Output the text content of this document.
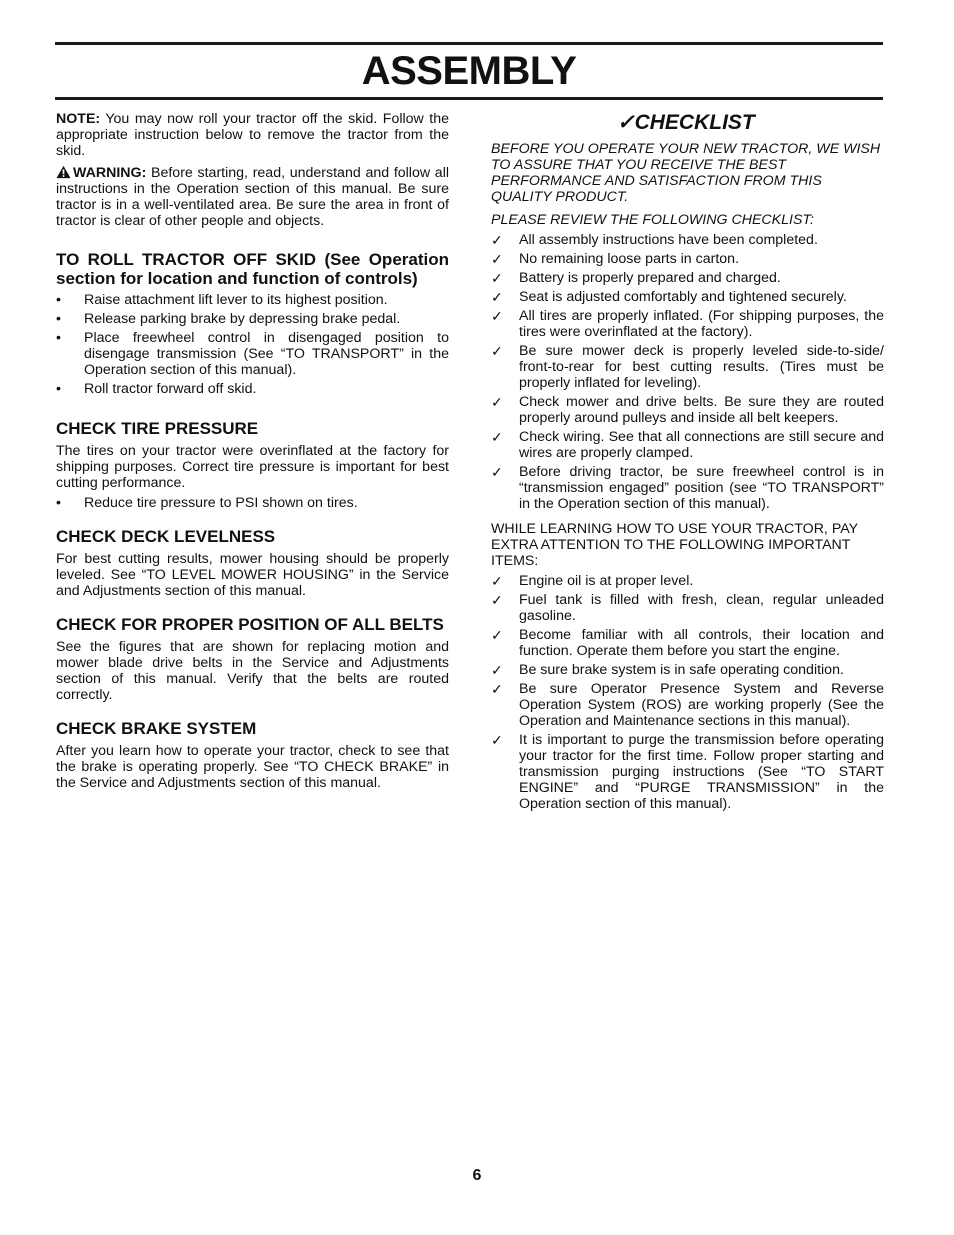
ASSEMBLY

NOTE: You may now roll your tractor off the skid. Follow the appropriate instruction below to remove the tractor from the skid.

WARNING: Before starting, read, understand and follow all instructions in the Operation section of this manual. Be sure tractor is in a well-ventilated area. Be sure the area in front of tractor is clear of other people and objects.

TO ROLL TRACTOR OFF SKID (See Operation section for location and function of controls)
• Raise attachment lift lever to its highest position.
• Release parking brake by depressing brake pedal.
• Place freewheel control in disengaged position to disengage transmission (See “TO TRANSPORT” in the Operation section of this manual).
• Roll tractor forward off skid.
CHECK TIRE PRESSURE

The tires on your tractor were overinflated at the factory for shipping purposes. Correct tire pressure is important for best cutting performance.

• Reduce tire pressure to PSI shown on tires.
CHECK DECK LEVELNESS

For best cutting results, mower housing should be properly leveled. See “TO LEVEL MOWER HOUSING” in the Service and Adjustments section of this manual.

CHECK FOR PROPER POSITION OF ALL BELTS

See the figures that are shown for replacing motion and mower blade drive belts in the Service and Adjustments section of this manual. Verify that the belts are routed correctly.

CHECK BRAKE SYSTEM

After you learn how to operate your tractor, check to see that the brake is operating properly. See “TO CHECK BRAKE” in the Service and Adjustments section of this manual.

✓CHECKLIST

BEFORE YOU OPERATE YOUR NEW TRACTOR, WE WISH TO ASSURE THAT YOU RECEIVE THE BEST PERFORMANCE AND SATISFACTION FROM THIS QUALITY PRODUCT.

PLEASE REVIEW THE FOLLOWING CHECKLIST:

✓ All assembly instructions have been completed.
✓ No remaining loose parts in carton.
✓ Battery is properly prepared and charged.
✓ Seat is adjusted comfortably and tightened securely.
✓ All tires are properly inflated. (For shipping purposes, the tires were overinflated at the factory).
✓ Be sure mower deck is properly leveled side-to-side/ front-to-rear for best cutting results. (Tires must be properly inflated for leveling).
✓ Check mower and drive belts. Be sure they are routed properly around pulleys and inside all belt keepers.
✓ Check wiring. See that all connections are still secure and wires are properly clamped.
✓ Before driving tractor, be sure freewheel control is in “transmission engaged” position (see “TO TRANSPORT” in the Operation section of this manual).

WHILE LEARNING HOW TO USE YOUR TRACTOR, PAY EXTRA ATTENTION TO THE FOLLOWING IMPORTANT ITEMS:

✓ Engine oil is at proper level.
✓ Fuel tank is filled with fresh, clean, regular unleaded gasoline.
✓ Become familiar with all controls, their location and function. Operate them before you start the engine.
✓ Be sure brake system is in safe operating condition.
✓ Be sure Operator Presence System and Reverse Operation System (ROS) are working properly (See the Operation and Maintenance sections in this manual).
✓ It is important to purge the transmission before operating your tractor for the first time. Follow proper starting and transmission purging instructions (See “TO START ENGINE” and “PURGE TRANSMISSION” in the Operation section of this manual).
6
